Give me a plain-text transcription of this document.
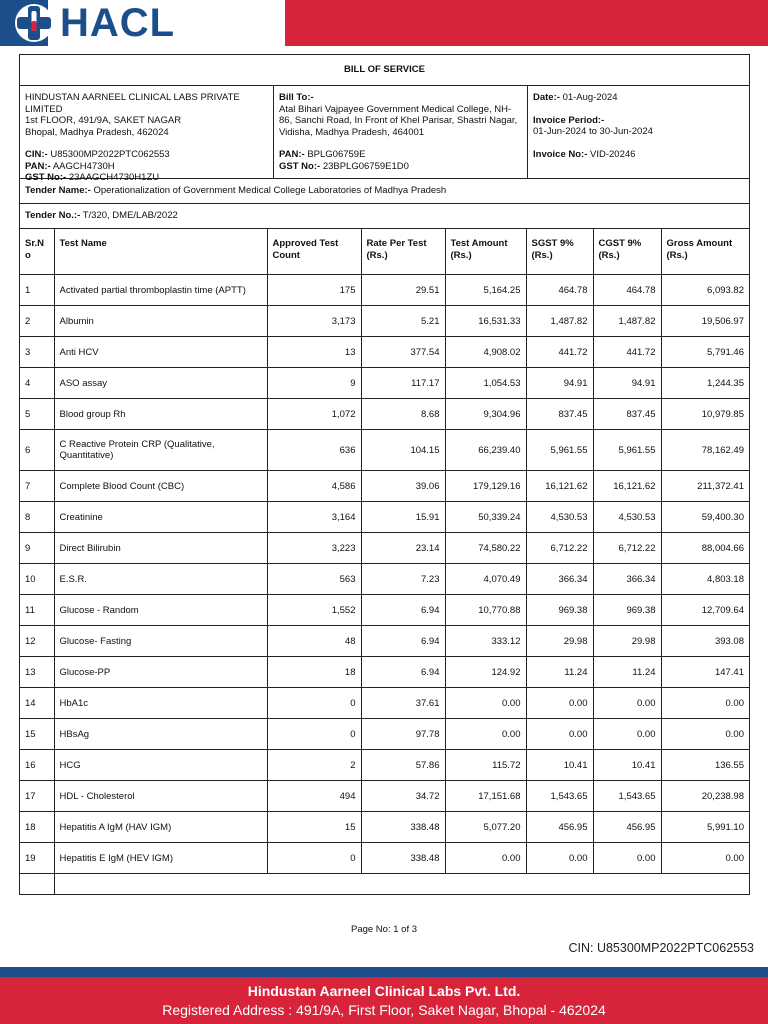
HACL
BILL OF SERVICE
HINDUSTAN AARNEEL CLINICAL LABS PRIVATE LIMITED
1st FLOOR, 491/9A, SAKET NAGAR
Bhopal, Madhya Pradesh, 462024
CIN:- U85300MP2022PTC062553
PAN:- AAGCH4730H
GST No:- 23AAGCH4730H1ZU
Bill To:-
Atal Bihari Vajpayee Government Medical College, NH-86, Sanchi Road, In Front of Khel Parisar, Shastri Nagar, Vidisha, Madhya Pradesh, 464001
PAN:- BPLG06759E
GST No:- 23BPLG06759E1D0
Date:- 01-Aug-2024
Invoice Period:-
01-Jun-2024 to 30-Jun-2024
Invoice No:- VID-20246
Tender Name:- Operationalization of Government Medical College Laboratories of Madhya Pradesh
Tender No.:- T/320, DME/LAB/2022
Sr.N o	Test Name	Approved Test Count	Rate Per Test (Rs.)	Test Amount (Rs.)	SGST 9% (Rs.)	CGST 9% (Rs.)	Gross Amount (Rs.)
1	Activated partial thromboplastin time (APTT)	175	29.51	5,164.25	464.78	464.78	6,093.82
2	Albumin	3,173	5.21	16,531.33	1,487.82	1,487.82	19,506.97
3	Anti HCV	13	377.54	4,908.02	441.72	441.72	5,791.46
4	ASO assay	9	117.17	1,054.53	94.91	94.91	1,244.35
5	Blood group Rh	1,072	8.68	9,304.96	837.45	837.45	10,979.85
6	C Reactive Protein CRP (Qualitative, Quantitative)	636	104.15	66,239.40	5,961.55	5,961.55	78,162.49
7	Complete Blood Count (CBC)	4,586	39.06	179,129.16	16,121.62	16,121.62	211,372.41
8	Creatinine	3,164	15.91	50,339.24	4,530.53	4,530.53	59,400.30
9	Direct Bilirubin	3,223	23.14	74,580.22	6,712.22	6,712.22	88,004.66
10	E.S.R.	563	7.23	4,070.49	366.34	366.34	4,803.18
11	Glucose - Random	1,552	6.94	10,770.88	969.38	969.38	12,709.64
12	Glucose- Fasting	48	6.94	333.12	29.98	29.98	393.08
13	Glucose-PP	18	6.94	124.92	11.24	11.24	147.41
14	HbA1c	0	37.61	0.00	0.00	0.00	0.00
15	HBsAg	0	97.78	0.00	0.00	0.00	0.00
16	HCG	2	57.86	115.72	10.41	10.41	136.55
17	HDL - Cholesterol	494	34.72	17,151.68	1,543.65	1,543.65	20,238.98
18	Hepatitis A IgM (HAV IGM)	15	338.48	5,077.20	456.95	456.95	5,991.10
19	Hepatitis E IgM (HEV IGM)	0	338.48	0.00	0.00	0.00	0.00
Page No: 1 of 3
CIN: U85300MP2022PTC062553
Hindustan Aarneel Clinical Labs Pvt. Ltd.
Registered Address : 491/9A, First Floor, Saket Nagar, Bhopal - 462024
